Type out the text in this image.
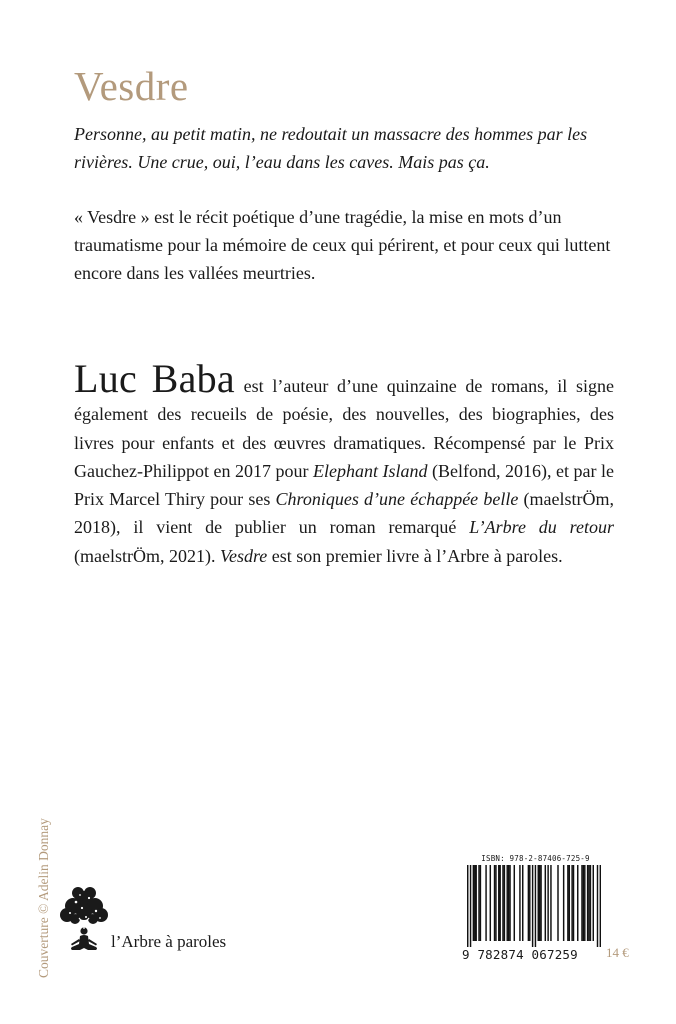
Vesdre

Personne, au petit matin, ne redoutait un massacre des hommes par les rivières. Une crue, oui, l’eau dans les caves. Mais pas ça.

« Vesdre » est le récit poétique d’une tragédie, la mise en mots d’un traumatisme pour la mémoire de ceux qui périrent, et pour ceux qui luttent encore dans les vallées meurtries.

Luc Baba est l’auteur d’une quinzaine de romans, il signe également des recueils de poésie, des nouvelles, des biographies, des livres pour enfants et des œuvres dramatiques. Récompensé par le Prix Gauchez-Philippot en 2017 pour Elephant Island (Belfond, 2016), et par le Prix Marcel Thiry pour ses Chroniques d’une échappée belle (maelstrÖm, 2018), il vient de publier un roman remarqué L’Arbre du retour (maelstrÖm, 2021). Vesdre est son premier livre à l’Arbre à paroles.

Couverture © Adelin Donnay	l’Arbre à paroles
ISBN: 978-2-87406-725-9
9 782874 067259	14 €
